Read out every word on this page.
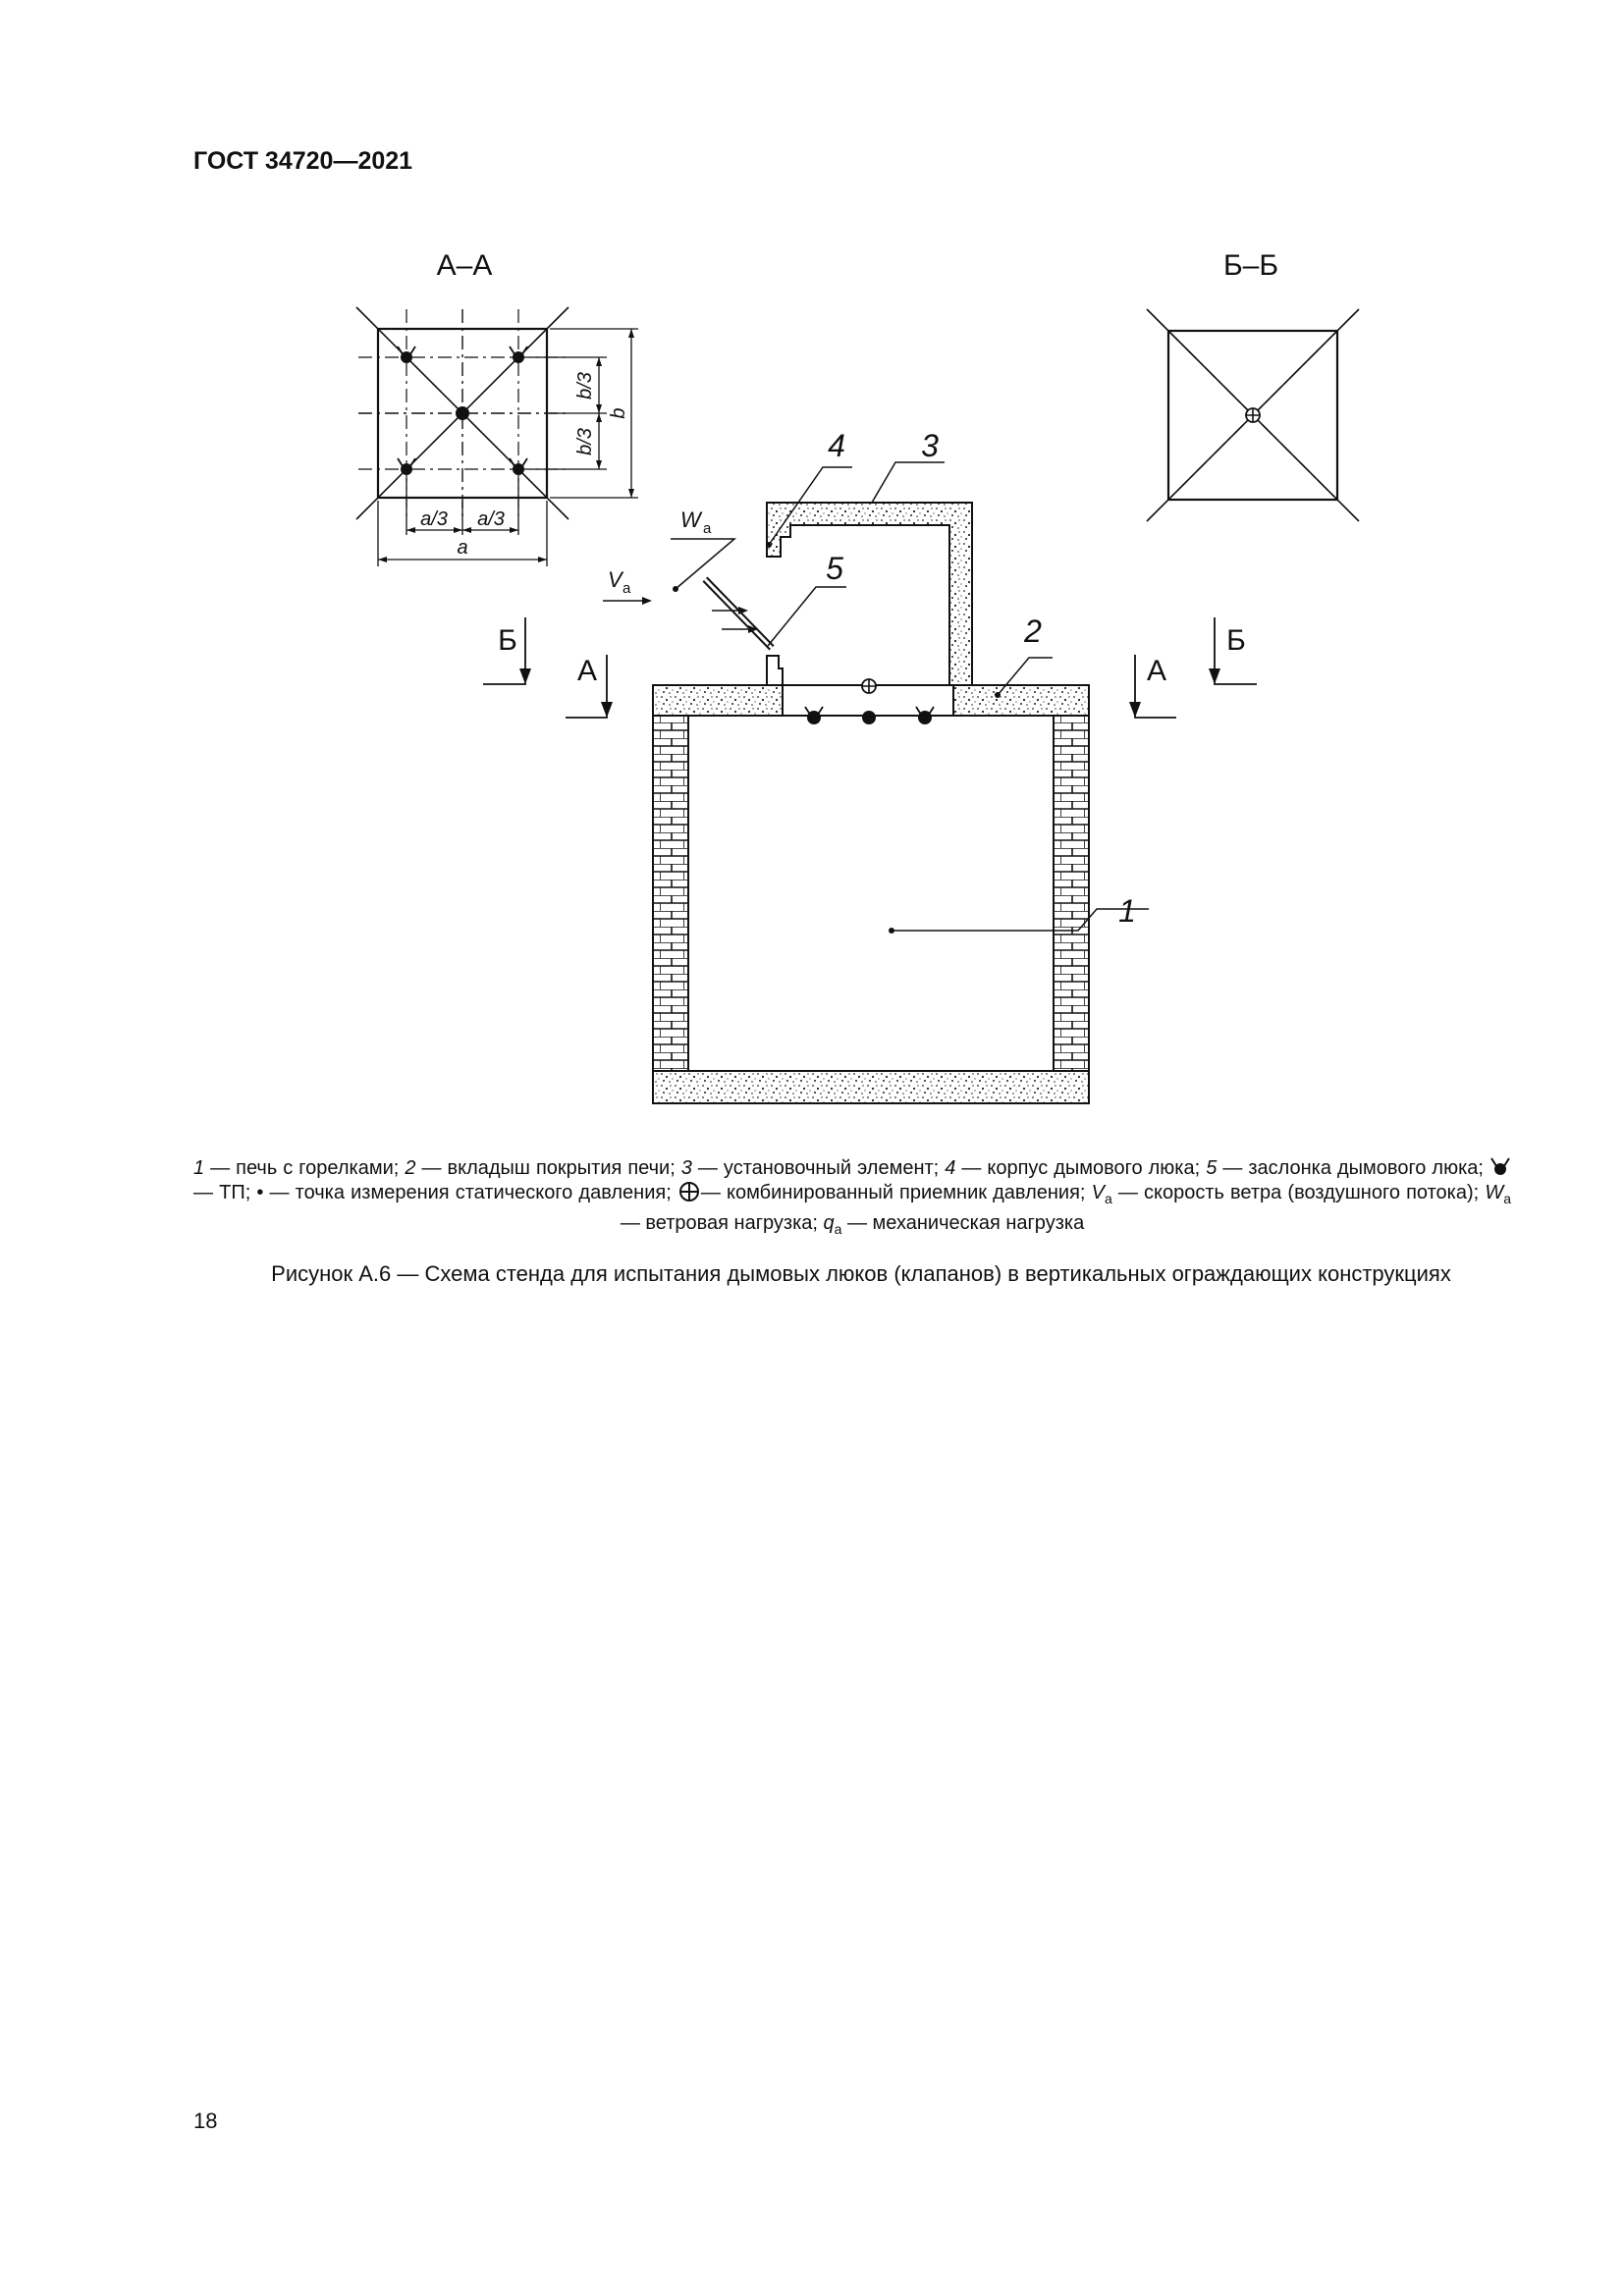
ГОСТ 34720—2021
А–А
a/3 a/3
a
b/3
b/3
b
Б–Б
1
2
3
4
5
W a
V a
Б
А
Б
А
1 — печь с горелками; 2 — вкладыш покрытия печи; 3 — установочный элемент; 4 — корпус дымового люка; 5 — заслонка дымового люка; — ТП; • — точка измерения статического давления; — комбинированный приемник давления; $V_а$ — скорость ветра (воздушного потока); $W_а$ — ветровая нагрузка; $q_а$ — механическая нагрузка
Рисунок А.6 — Схема стенда для испытания дымовых люков (клапанов) в вертикальных ограждающих конструкциях
18
